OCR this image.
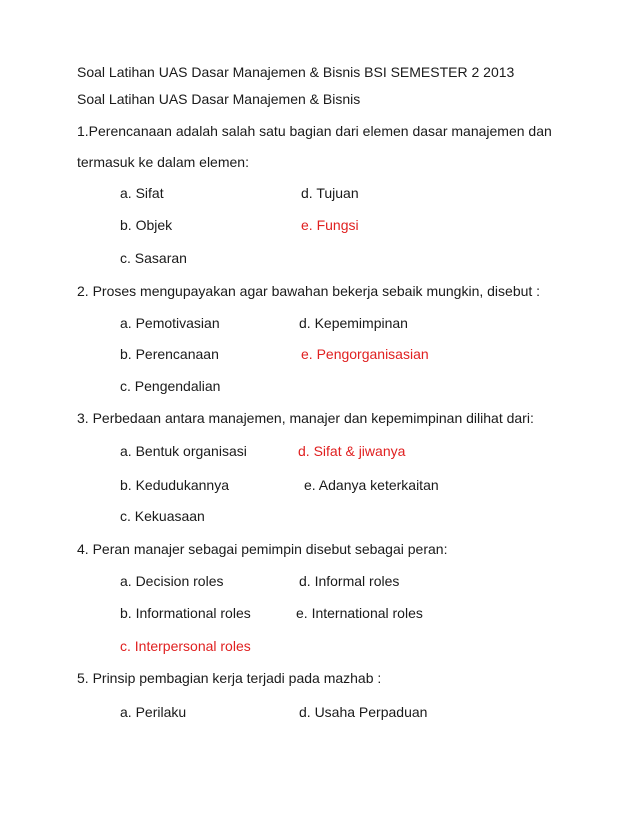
Soal Latihan UAS Dasar Manajemen & Bisnis BSI SEMESTER 2 2013
Soal Latihan UAS Dasar Manajemen & Bisnis
1.Perencanaan adalah salah satu bagian dari elemen dasar manajemen dan
termasuk ke dalam elemen:
a. Sifat	d. Tujuan
b. Objek	e. Fungsi
c. Sasaran
2. Proses mengupayakan agar bawahan bekerja sebaik mungkin, disebut :
a. Pemotivasian	d. Kepemimpinan
b. Perencanaan	e. Pengorganisasian
c. Pengendalian
3. Perbedaan antara manajemen, manajer dan kepemimpinan dilihat dari:
a. Bentuk organisasi	d. Sifat & jiwanya
b. Kedudukannya	e. Adanya keterkaitan
c. Kekuasaan
4. Peran manajer sebagai pemimpin disebut sebagai peran:
a. Decision roles	d. Informal roles
b. Informational roles	e. International roles
c. Interpersonal roles
5. Prinsip pembagian kerja terjadi pada mazhab :
a. Perilaku	d. Usaha Perpaduan
